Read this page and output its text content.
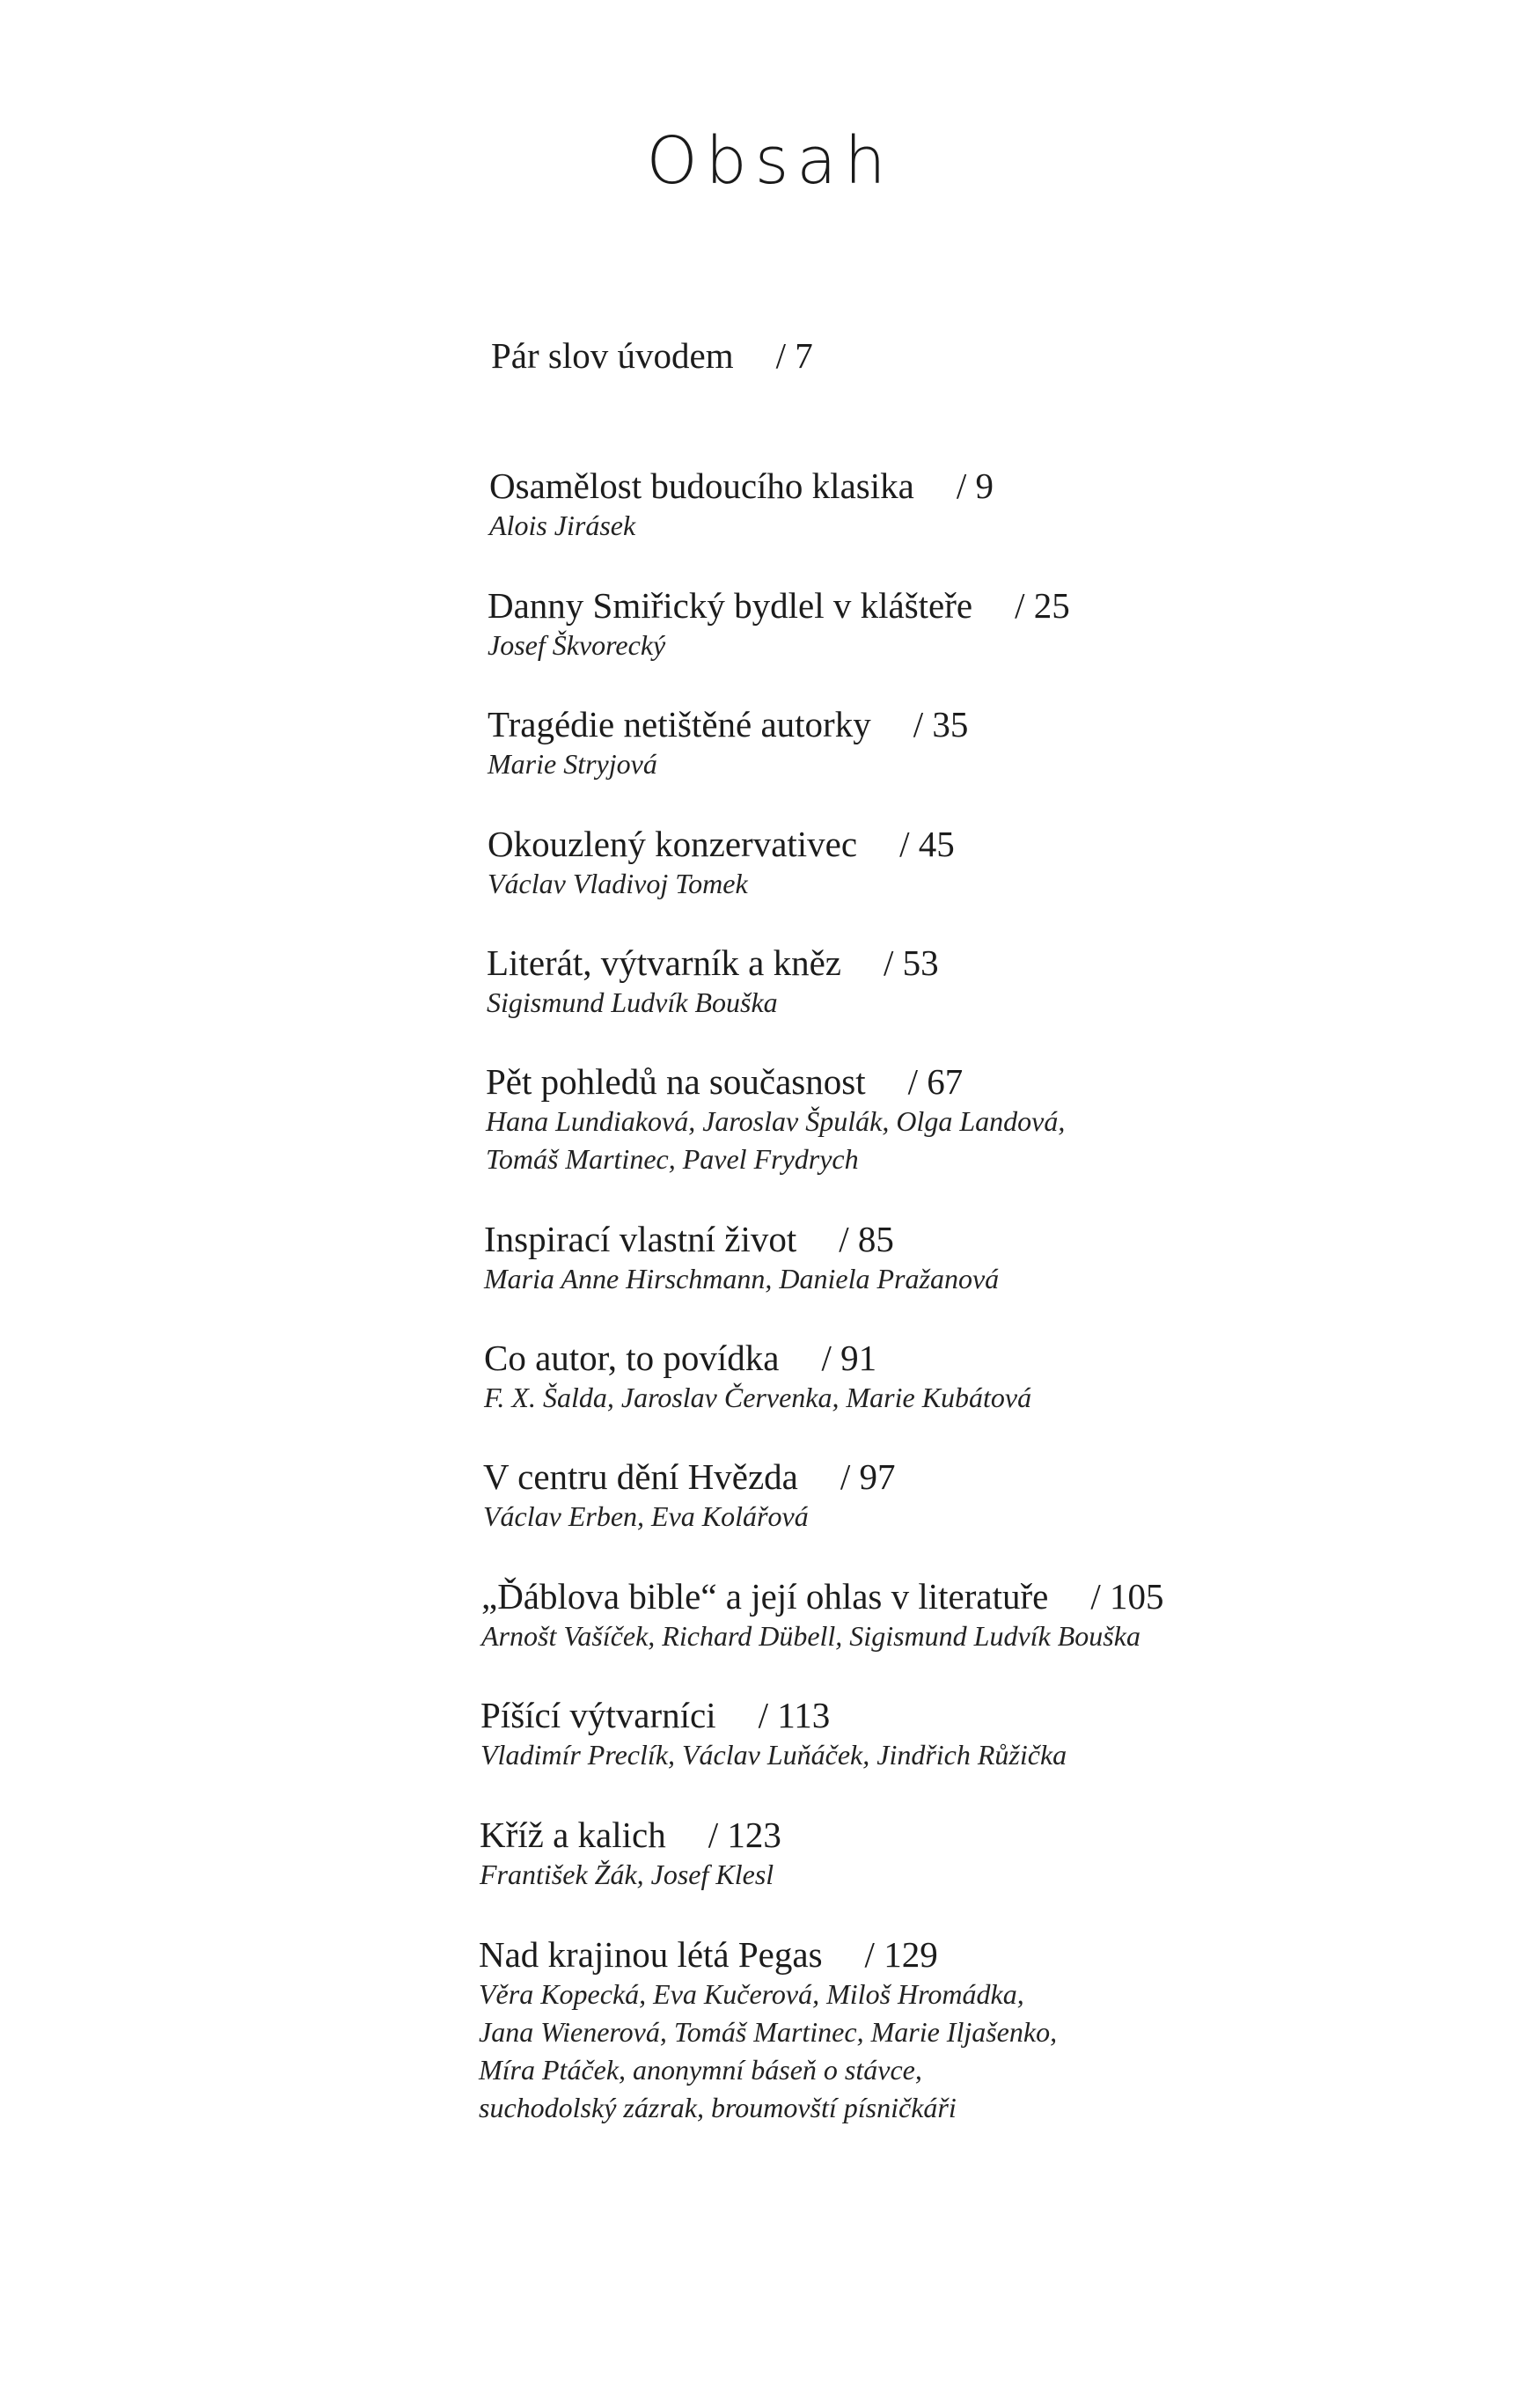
Obsah
Pár slov úvodem / 7
Osamělost budoucího klasika / 9
Alois Jirásek
Danny Smiřický bydlel v klášteře / 25
Josef Škvorecký
Tragédie netištěné autorky / 35
Marie Stryjová
Okouzlený konzervativec / 45
Václav Vladivoj Tomek
Literát, výtvarník a kněz / 53
Sigismund Ludvík Bouška
Pět pohledů na současnost / 67
Hana Lundiaková, Jaroslav Špulák, Olga Landová,
Tomáš Martinec, Pavel Frydrych
Inspirací vlastní život / 85
Maria Anne Hirschmann, Daniela Pražanová
Co autor, to povídka / 91
F. X. Šalda, Jaroslav Červenka, Marie Kubátová
V centru dění Hvězda / 97
Václav Erben, Eva Kolářová
„Ďáblova bible“ a její ohlas v literatuře / 105
Arnošt Vašíček, Richard Dübell, Sigismund Ludvík Bouška
Píšící výtvarníci / 113
Vladimír Preclík, Václav Luňáček, Jindřich Růžička
Kříž a kalich / 123
František Žák, Josef Klesl
Nad krajinou létá Pegas / 129
Věra Kopecká, Eva Kučerová, Miloš Hromádka,
Jana Wienerová, Tomáš Martinec, Marie Iljašenko,
Míra Ptáček, anonymní báseň o stávce,
suchodolský zázrak, broumovští písničkáři
